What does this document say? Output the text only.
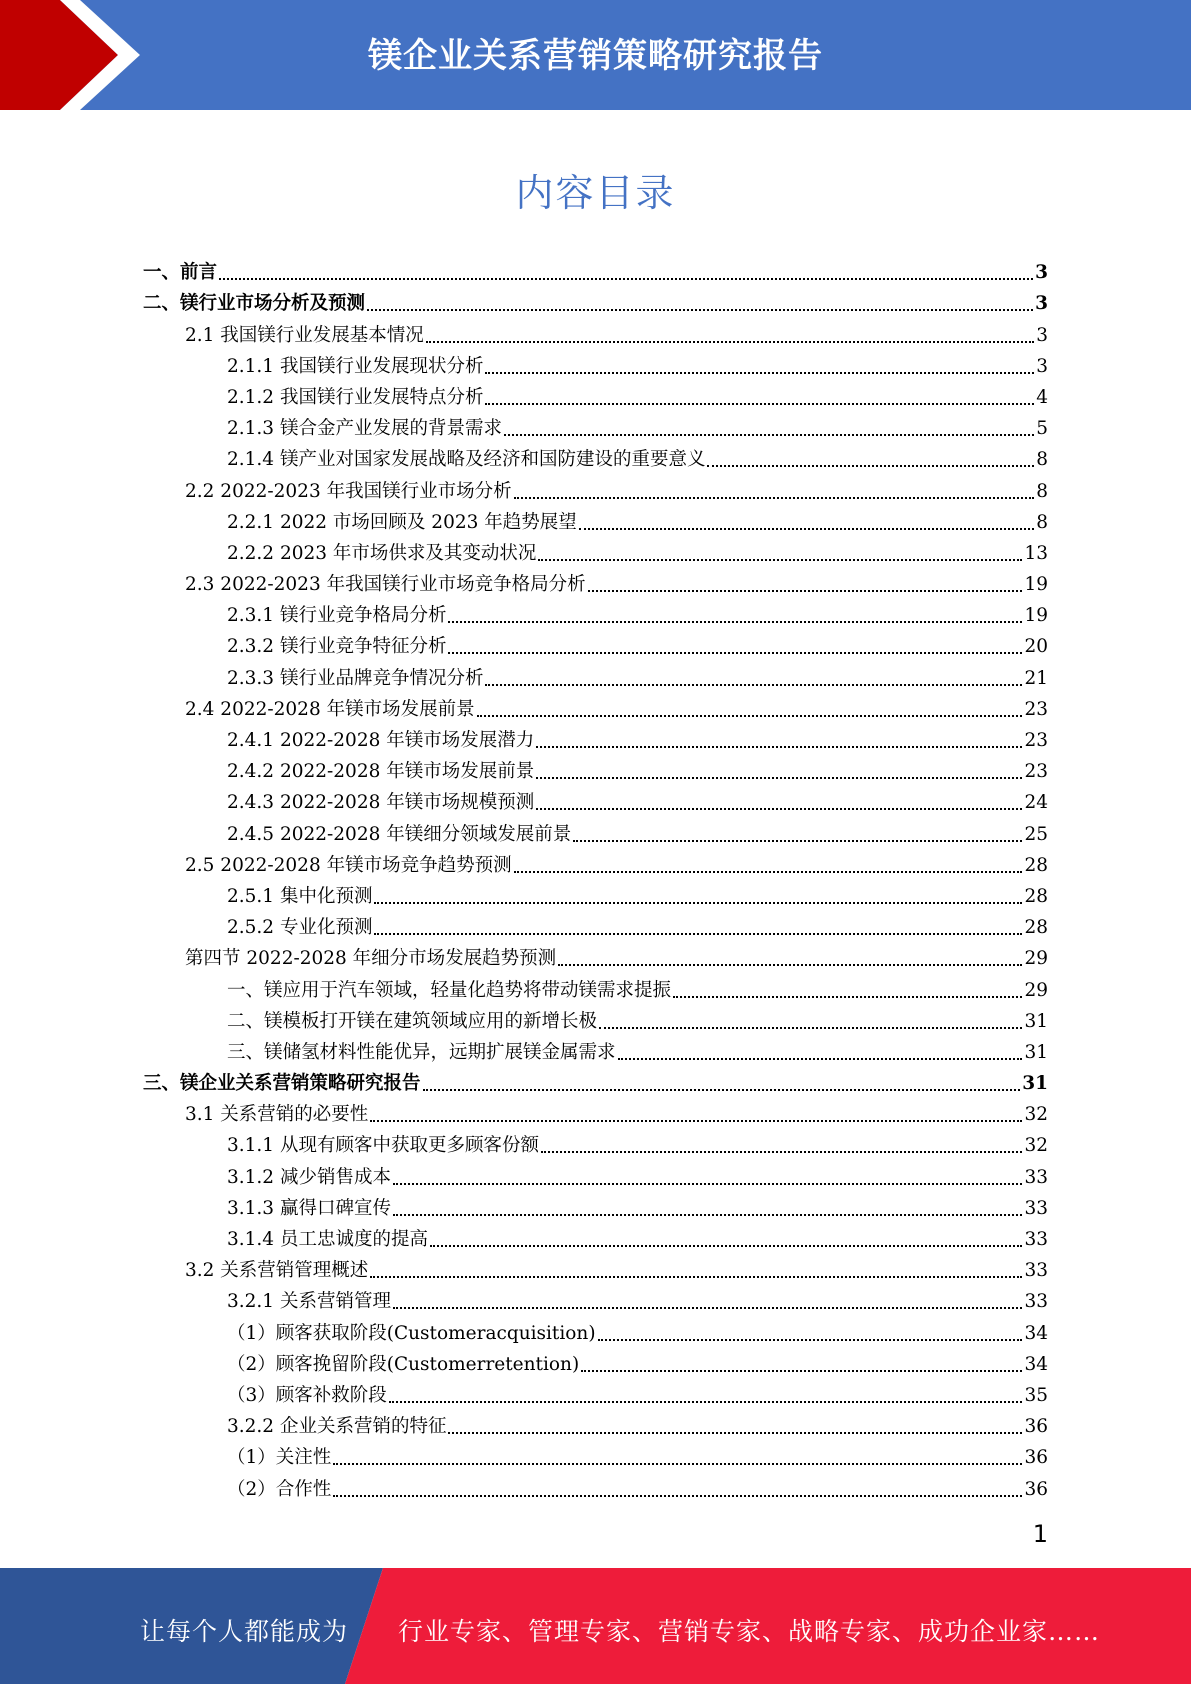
镁企业关系营销策略研究报告
内容目录
一、前言	3
二、镁行业市场分析及预测	3
2.1 我国镁行业发展基本情况	3
2.1.1 我国镁行业发展现状分析	3
2.1.2 我国镁行业发展特点分析	4
2.1.3 镁合金产业发展的背景需求	5
2.1.4 镁产业对国家发展战略及经济和国防建设的重要意义	8
2.2 2022-2023 年我国镁行业市场分析	8
2.2.1 2022 市场回顾及 2023 年趋势展望	8
2.2.2 2023 年市场供求及其变动状况	13
2.3 2022-2023 年我国镁行业市场竞争格局分析	19
2.3.1 镁行业竞争格局分析	19
2.3.2 镁行业竞争特征分析	20
2.3.3 镁行业品牌竞争情况分析	21
2.4 2022-2028 年镁市场发展前景	23
2.4.1 2022-2028 年镁市场发展潜力	23
2.4.2 2022-2028 年镁市场发展前景	23
2.4.3 2022-2028 年镁市场规模预测	24
2.4.5 2022-2028 年镁细分领域发展前景	25
2.5 2022-2028 年镁市场竞争趋势预测	28
2.5.1 集中化预测	28
2.5.2 专业化预测	28
第四节 2022-2028 年细分市场发展趋势预测	29
一、镁应用于汽车领域，轻量化趋势将带动镁需求提振	29
二、镁模板打开镁在建筑领域应用的新增长极	31
三、镁储氢材料性能优异，远期扩展镁金属需求	31
三、镁企业关系营销策略研究报告	31
3.1 关系营销的必要性	32
3.1.1 从现有顾客中获取更多顾客份额	32
3.1.2 减少销售成本	33
3.1.3 赢得口碑宣传	33
3.1.4 员工忠诚度的提高	33
3.2 关系营销管理概述	33
3.2.1 关系营销管理	33
（1）顾客获取阶段(Customeracquisition)	34
（2）顾客挽留阶段(Customerretention)	34
（3）顾客补救阶段	35
3.2.2 企业关系营销的特征	36
（1）关注性	36
（2）合作性	36
1
让每个人都能成为 行业专家、管理专家、营销专家、战略专家、成功企业家……
